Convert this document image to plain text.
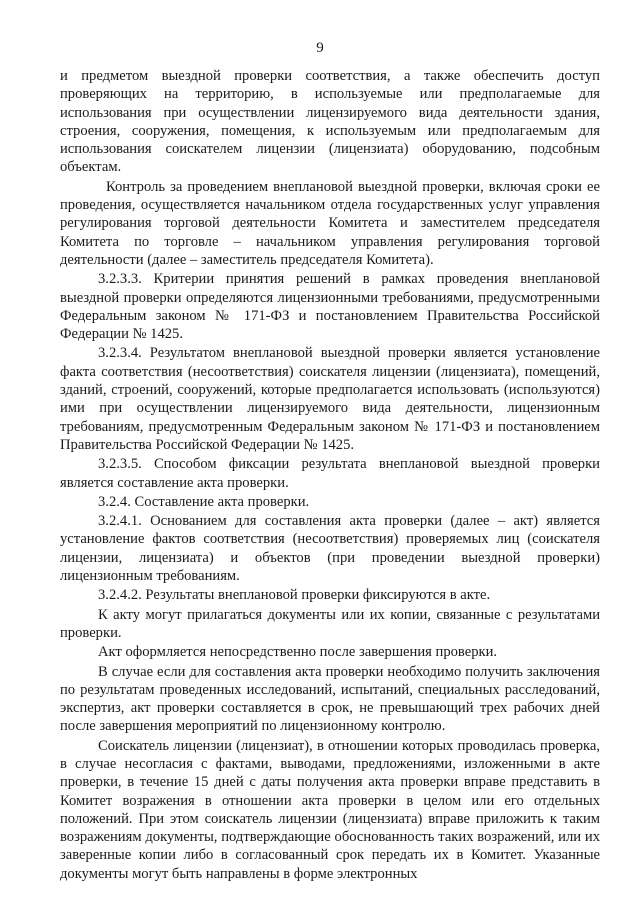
9

и предметом выездной проверки соответствия, а также обеспечить доступ проверяющих на территорию, в используемые или предполагаемые для использования при осуществлении лицензируемого вида деятельности здания, строения, сооружения, помещения, к используемым или предполагаемым для использования соискателем лицензии (лицензиата) оборудованию, подсобным объектам.

Контроль за проведением внеплановой выездной проверки, включая сроки ее проведения, осуществляется начальником отдела государственных услуг управления регулирования торговой деятельности Комитета и заместителем председателя Комитета по торговле – начальником управления регулирования торговой деятельности (далее – заместитель председателя Комитета).

3.2.3.3. Критерии принятия решений в рамках проведения внеплановой выездной проверки определяются лицензионными требованиями, предусмотренными Федеральным законом № 171-ФЗ и постановлением Правительства Российской Федерации № 1425.

3.2.3.4. Результатом внеплановой выездной проверки является установление факта соответствия (несоответствия) соискателя лицензии (лицензиата), помещений, зданий, строений, сооружений, которые предполагается использовать (используются) ими при осуществлении лицензируемого вида деятельности, лицензионным требованиям, предусмотренным Федеральным законом № 171-ФЗ и постановлением Правительства Российской Федерации № 1425.

3.2.3.5. Способом фиксации результата внеплановой выездной проверки является составление акта проверки.

3.2.4. Составление акта проверки.

3.2.4.1. Основанием для составления акта проверки (далее – акт) является установление фактов соответствия (несоответствия) проверяемых лиц (соискателя лицензии, лицензиата) и объектов (при проведении выездной проверки) лицензионным требованиям.

3.2.4.2. Результаты внеплановой проверки фиксируются в акте.

К акту могут прилагаться документы или их копии, связанные с результатами проверки.

Акт оформляется непосредственно после завершения проверки.

В случае если для составления акта проверки необходимо получить заключения по результатам проведенных исследований, испытаний, специальных расследований, экспертиз, акт проверки составляется в срок, не превышающий трех рабочих дней после завершения мероприятий по лицензионному контролю.

Соискатель лицензии (лицензиат), в отношении которых проводилась проверка, в случае несогласия с фактами, выводами, предложениями, изложенными в акте проверки, в течение 15 дней с даты получения акта проверки вправе представить в Комитет возражения в отношении акта проверки в целом или его отдельных положений. При этом соискатель лицензии (лицензиата) вправе приложить к таким возражениям документы, подтверждающие обоснованность таких возражений, или их заверенные копии либо в согласованный срок передать их в Комитет. Указанные документы могут быть направлены в форме электронных
